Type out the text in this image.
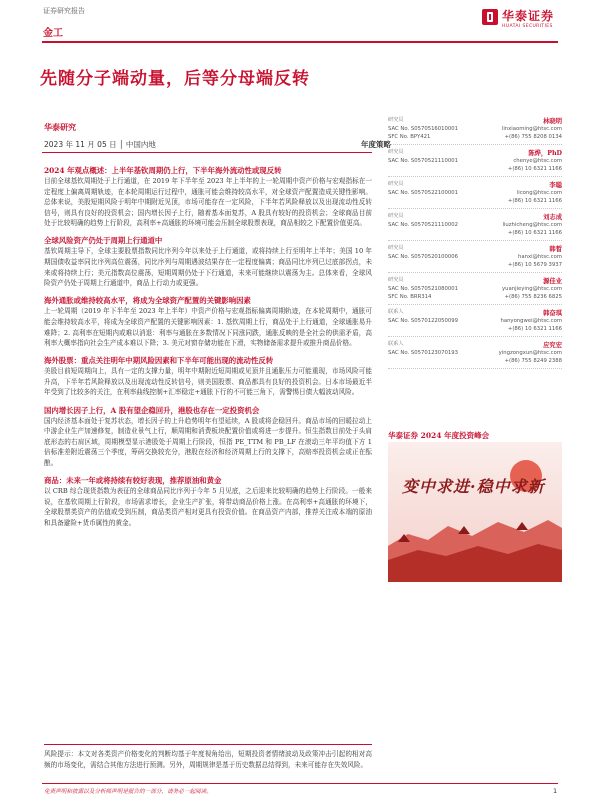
证券研究报告
金工
华泰证券
HUATAI SECURITIES
先随分子端动量，后等分母端反转
华泰研究
2023 年 11 月 05 日 │ 中国内地	年度策略

2024 年观点概述：上半年基钦周期仍上行，下半年海外流动性或现反转

目前全球基钦周期处于上行通道，在 2019 年下半年至 2023 年上半年的上一轮周期中资产价格与宏观指标在一定程度上偏离周期轨迹，在本轮周期运行过程中，通胀可能会维持较高水平，对全球资产配置造成关键性影响。总体来说，美股短期风险于明年中期附近见顶，市场可能存在一定风险，下半年若风险释放以及出现流动性反转信号，则具有良好的投资机会；国内增长因子上行，随着基本面复苏，A 股具有较好的投资机会；全球商品目前处于比较明确的趋势上行阶段，高利率+高通胀的环境可能会压制全球股票表现，商品相较之下配置价值更高。

全球风险资产仍处于周期上行通道中

基钦周期主导下，全球主要股票指数同比序列今年以来处于上行通道，或将持续上行至明年上半年；美国 10 年期国债收益率同比序列高位震荡，同比序列与周期遇波结果存在一定程度偏离；商品同比序列已过底部拐点，未来或将持续上行；美元指数高位震荡，短期周期仍处于下行通道，未来可能继续以震荡为主。总体来看，全球风险资产仍处于周期上行通道中，商品上行动力或更强。

海外通胀或维持较高水平，将成为全球资产配置的关键影响因素

上一轮周期（2019 年下半年至 2023 年上半年）中资产价格与宏观指标偏离周期轨迹，在本轮周期中，通胀可能会维持较高水平，将成为全球资产配置的关键影响因素：1. 基钦周期上行，商品处于上行通道，全球通胀易升难降；2. 高利率在短期内或难以消退：利率与通胀在多数情况下同涨同跌，通胀反映的是全社会的供需矛盾，高利率大概率指向社会生产成本难以下降；3. 美元对窗存储功能在下滑，实物储备需求提升或推升商品价格。

海外股票：重点关注明年中期风险因素和下半年可能出现的流动性反转

美股目前短周期向上，具有一定的支撑力量，明年中期附近短周期或见顶并且通胀压力可能重现，市场风险可能升高，下半年若风险释放以及出现流动性反转信号，则美国股票、商品都具有良好的投资机会。日本市场最近半年受到了比较多的关注，在利率曲线控制+汇率稳定+通胀下行的不可能三角下，需警惕日债大幅波动风险。

国内增长因子上行，A 股有望企稳回升，港股也存在一定投资机会

国内经济基本面处于复苏状态，增长因子的上升趋势明年有望延续，A 股或将企稳回升。商品市场的回暖拉动上中游企业生产加速修复，制造业景气上行，顺周期和消费板块配置价值或将进一步提升。恒生指数目前处于头肩底形态的右肩区域，周期模型显示港股处于周期上行阶段，恒指 PE_TTM 和 PB_LF 在滚动三年平均值下方 1 倍标准差附近震荡三个季度，筹码交换较充分，港股在经济和经济周期上行的支撑下，高赔率投资机会或正在酝酿。

商品：未来一年或将持续有较好表现，推荐原油和黄金

以 CRB 综合现货指数为表征的全球商品同比序列于今年 5 月见底，之后迎来比较明确的趋势上行阶段。一般来说，在基钦周期上行阶段，市场需求增长，企业生产扩张，将带动商品价格上涨。在高利率+高通胀的环境下，全球股票类资产的估值或受到压制，商品类资产相对更具有投资价值。在商品资产内部，推荐关注成本端的原油和具备避险+货币属性的黄金。

风险提示：本文对各类资产价格变化的判断均基于年度视角给出，短期投资者情绪波动及政策冲击引起的相对高频的市场变化，需结合其他方法进行预测。另外，周期规律是基于历史数据总结得到，未来可能存在失效风险。
研究员	林晓明
SAC No. S0570516010001	linxiaoming@htsc.com
SFC No. BPY421	+(86) 755 8208 0134
研究员	陈烨，PhD
SAC No. S0570521110001	chenye@htsc.com
+(86) 10 6321 1166
研究员	李聪
SAC No. S0570522100001	licong@htsc.com
+(86) 10 6321 1166
研究员	刘志成
SAC No. S0570521110002	liuzhicheng@htsc.com
+(86) 10 6321 1166
研究员	韩晳
SAC No. S0570520100006	hanxi@htsc.com
+(86) 10 5679 3937
研究员	源佳业
SAC No. S0570521080001	yuanjieying@htsc.com
SFC No. BRR314	+(86) 755 8236 6825
联系人	韩奋琪
SAC No. S0570122050099	hanyongwei@htsc.com
+(86) 10 6321 1166
联系人	应究宏
SAC No. S0570123070193	yingzongxun@htsc.com
+(86) 755 8249 2388
华泰证券 2024 年度投资峰会
变中求进·稳中求新
免责声明和披露以及分析师声明是报告的一部分，请务必一起阅读。	1
